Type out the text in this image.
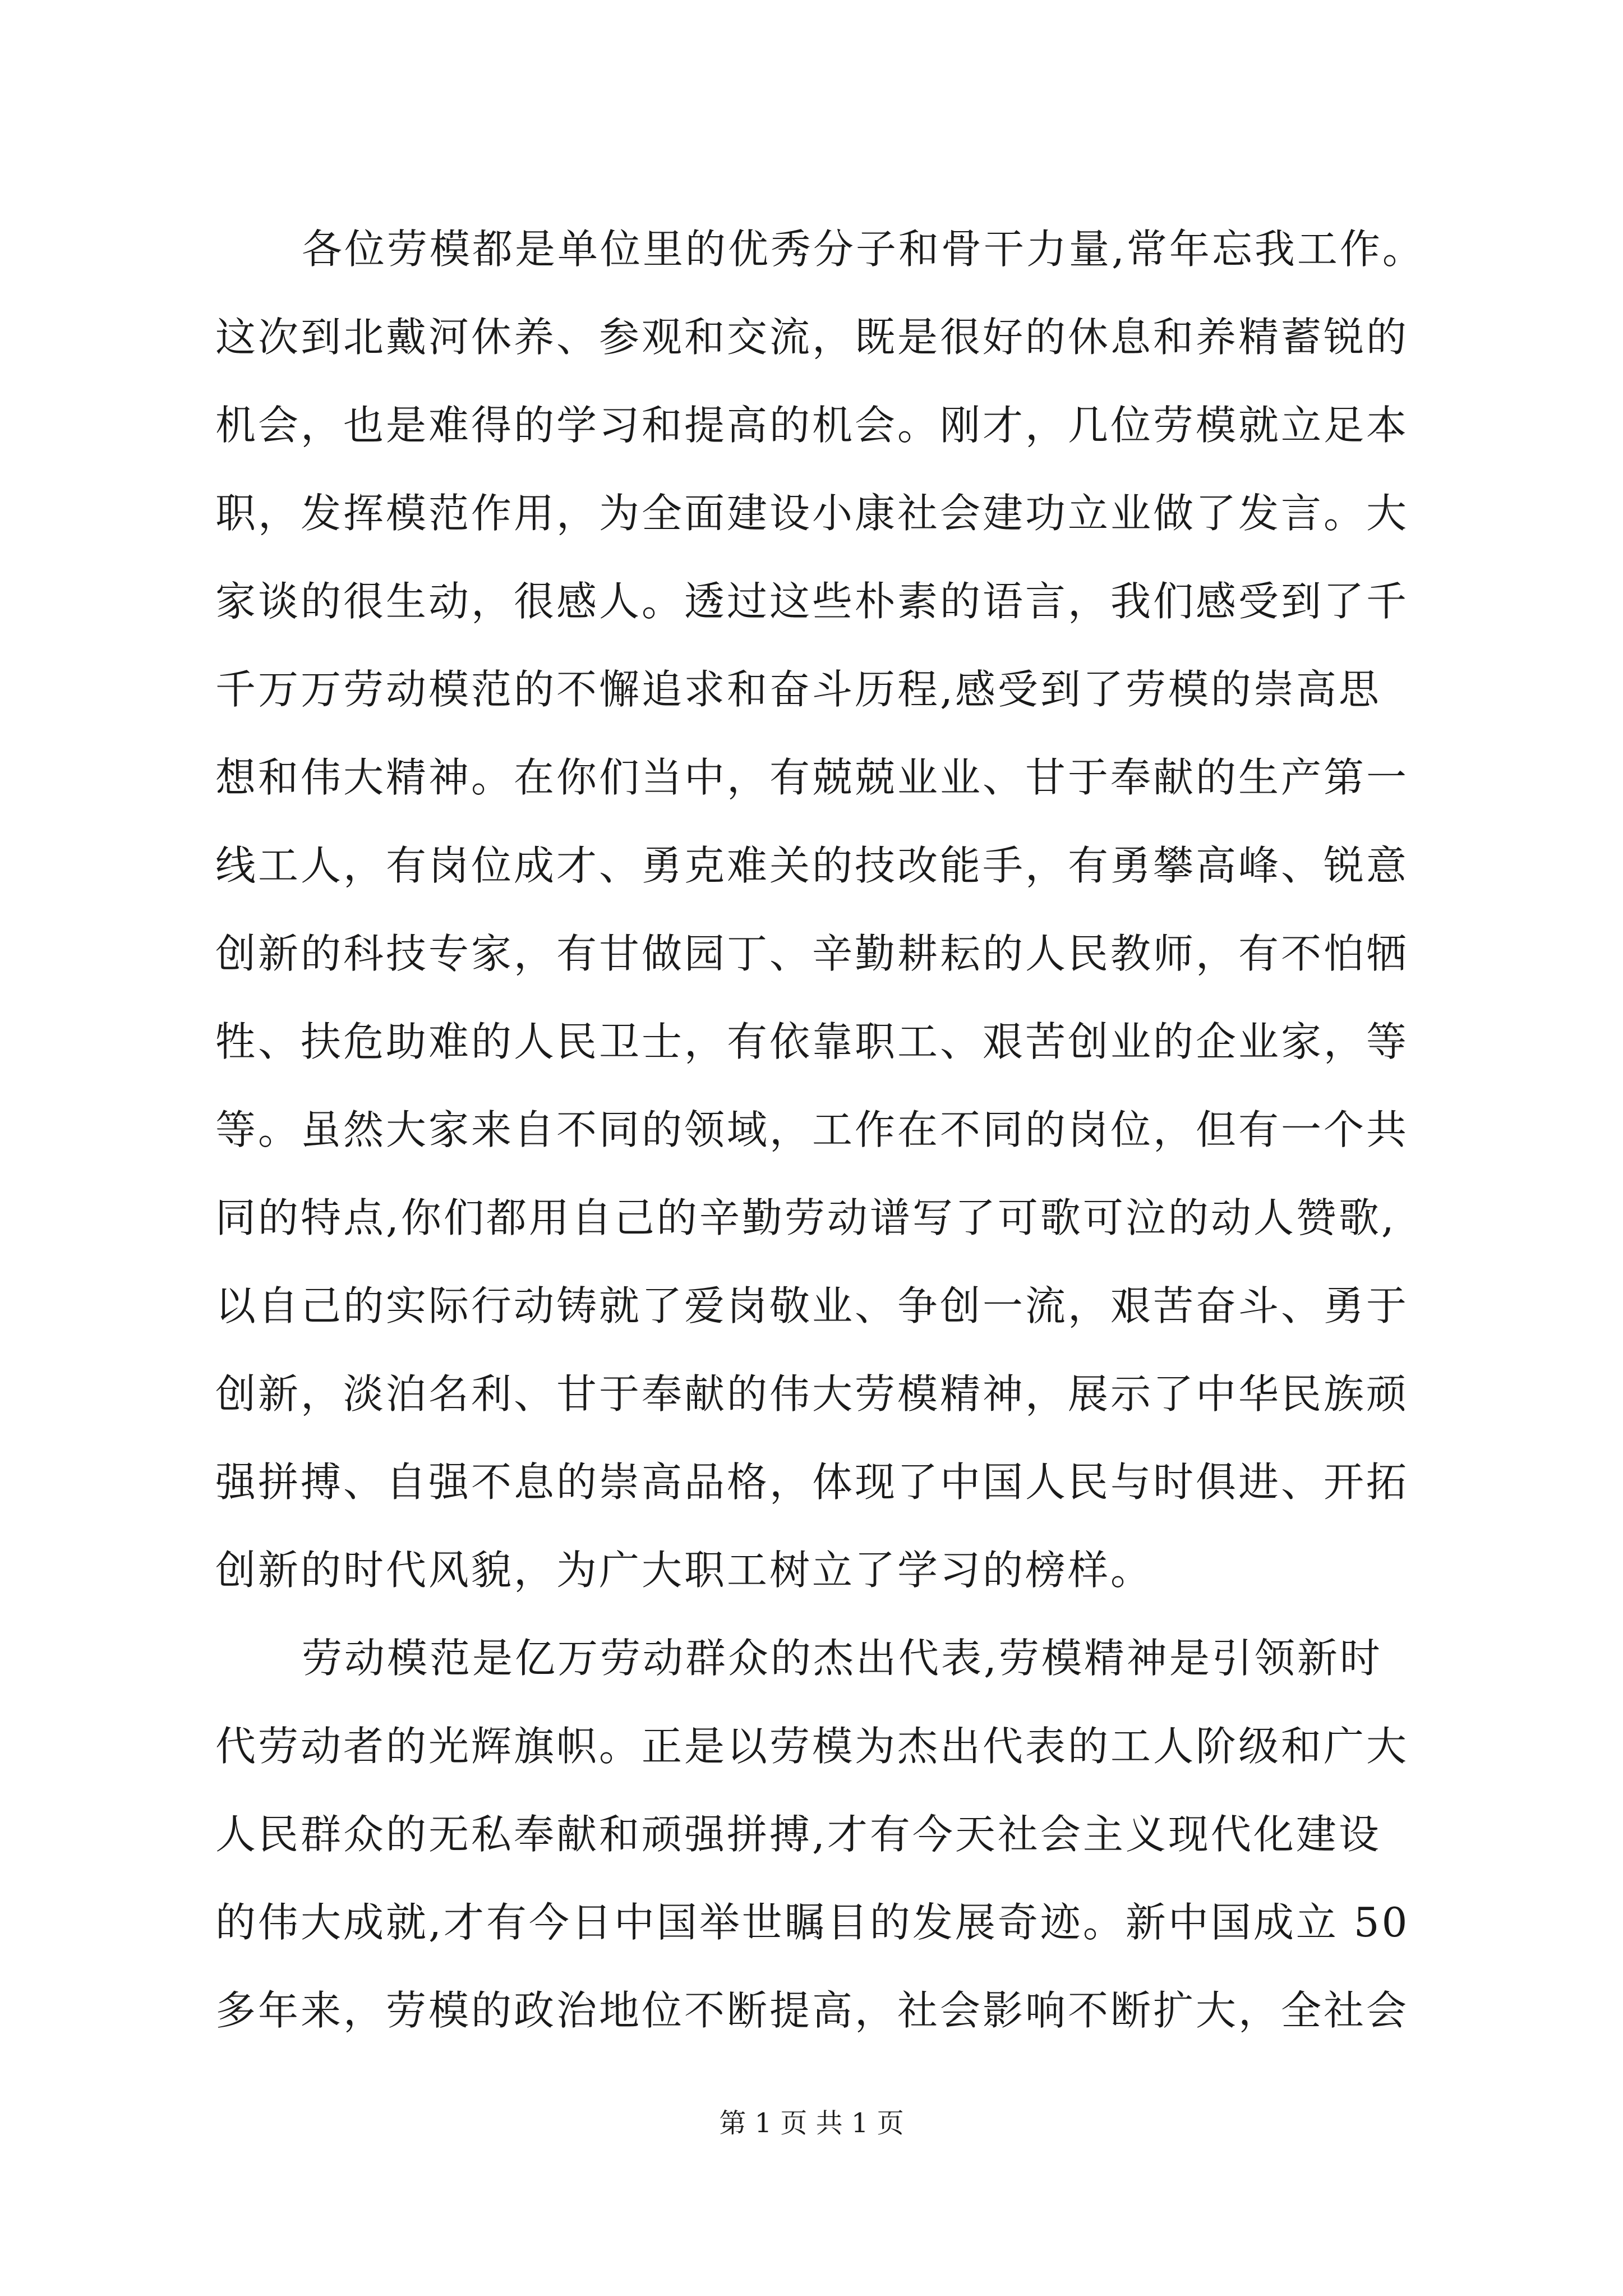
各位劳模都是单位里的优秀分子和骨干力量,常年忘我工作。
这次到北戴河休养、参观和交流，既是很好的休息和养精蓄锐的
机会，也是难得的学习和提高的机会。刚才，几位劳模就立足本
职，发挥模范作用，为全面建设小康社会建功立业做了发言。大
家谈的很生动，很感人。透过这些朴素的语言，我们感受到了千
千万万劳动模范的不懈追求和奋斗历程,感受到了劳模的崇高思
想和伟大精神。在你们当中，有兢兢业业、甘于奉献的生产第一
线工人，有岗位成才、勇克难关的技改能手，有勇攀高峰、锐意
创新的科技专家，有甘做园丁、辛勤耕耘的人民教师，有不怕牺
牲、扶危助难的人民卫士，有依靠职工、艰苦创业的企业家，等
等。虽然大家来自不同的领域，工作在不同的岗位，但有一个共
同的特点,你们都用自己的辛勤劳动谱写了可歌可泣的动人赞歌,
以自己的实际行动铸就了爱岗敬业、争创一流，艰苦奋斗、勇于
创新，淡泊名利、甘于奉献的伟大劳模精神，展示了中华民族顽
强拼搏、自强不息的崇高品格，体现了中国人民与时俱进、开拓
创新的时代风貌，为广大职工树立了学习的榜样。
劳动模范是亿万劳动群众的杰出代表,劳模精神是引领新时
代劳动者的光辉旗帜。正是以劳模为杰出代表的工人阶级和广大
人民群众的无私奉献和顽强拼搏,才有今天社会主义现代化建设
的伟大成就,才有今日中国举世瞩目的发展奇迹。新中国成立 50
多年来，劳模的政治地位不断提高，社会影响不断扩大，全社会
第 1 页 共 1 页
